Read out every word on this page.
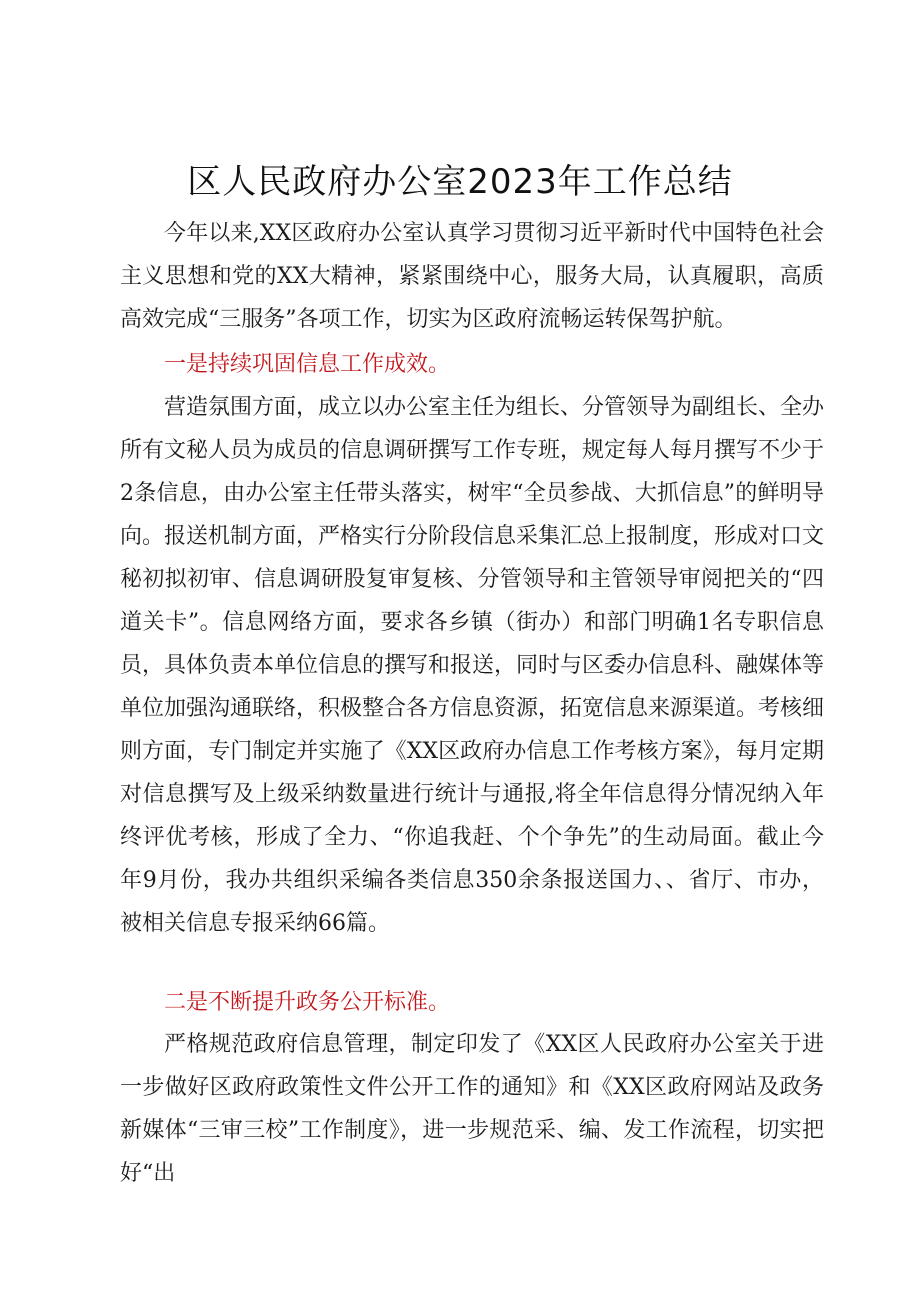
区人民政府办公室2023年工作总结

今年以来,XX区政府办公室认真学习贯彻习近平新时代中国特色社会主义思想和党的XX大精神，紧紧围绕中心，服务大局，认真履职，高质高效完成“三服务”各项工作，切实为区政府流畅运转保驾护航。

一是持续巩固信息工作成效。

营造氛围方面，成立以办公室主任为组长、分管领导为副组长、全办所有文秘人员为成员的信息调研撰写工作专班，规定每人每月撰写不少于2条信息，由办公室主任带头落实，树牢“全员参战、大抓信息”的鲜明导向。报送机制方面，严格实行分阶段信息采集汇总上报制度，形成对口文秘初拟初审、信息调研股复审复核、分管领导和主管领导审阅把关的“四道关卡”。信息网络方面，要求各乡镇（街办）和部门明确1名专职信息员，具体负责本单位信息的撰写和报送，同时与区委办信息科、融媒体等单位加强沟通联络，积极整合各方信息资源，拓宽信息来源渠道。考核细则方面，专门制定并实施了《XX区政府办信息工作考核方案》，每月定期对信息撰写及上级采纳数量进行统计与通报,将全年信息得分情况纳入年终评优考核，形成了全力、“你追我赶、个个争先”的生动局面。截止今年9月份，我办共组织采编各类信息350余条报送国力、、省厅、市办，被相关信息专报采纳66篇。

二是不断提升政务公开标准。

严格规范政府信息管理，制定印发了《XX区人民政府办公室关于进一步做好区政府政策性文件公开工作的通知》和《XX区政府网站及政务新媒体“三审三校”工作制度》，进一步规范采、编、发工作流程，切实把好“出
